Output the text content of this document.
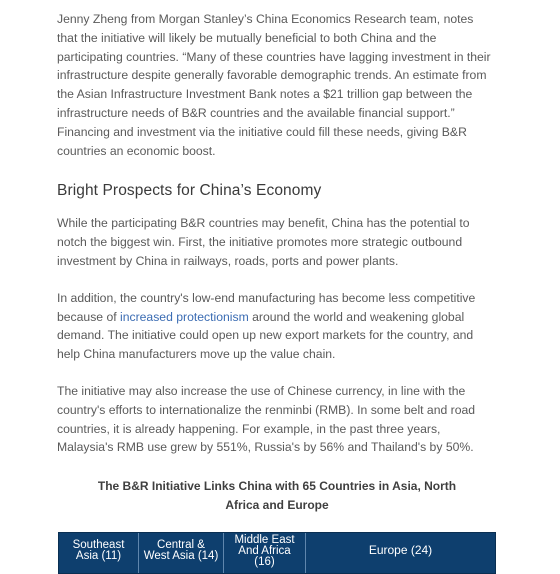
Jenny Zheng from Morgan Stanley’s China Economics Research team, notes that the initiative will likely be mutually beneficial to both China and the participating countries. “Many of these countries have lagging investment in their infrastructure despite generally favorable demographic trends. An estimate from the Asian Infrastructure Investment Bank notes a $21 trillion gap between the infrastructure needs of B&R countries and the available financial support.” Financing and investment via the initiative could fill these needs, giving B&R countries an economic boost.

Bright Prospects for China’s Economy

While the participating B&R countries may benefit, China has the potential to notch the biggest win. First, the initiative promotes more strategic outbound investment by China in railways, roads, ports and power plants.

In addition, the country's low-end manufacturing has become less competitive because of increased protectionism around the world and weakening global demand. The initiative could open up new export markets for the country, and help China manufacturers move up the value chain.

The initiative may also increase the use of Chinese currency, in line with the country's efforts to internationalize the renminbi (RMB). In some belt and road countries, it is already happening. For example, in the past three years, Malaysia's RMB use grew by 551%, Russia's by 56% and Thailand's by 50%.

The B&R Initiative Links China with 65 Countries in Asia, North Africa and Europe
Southeast
Asia (11)
Central &
West Asia (14)
Middle East
And Africa
(16)
Europe (24)
